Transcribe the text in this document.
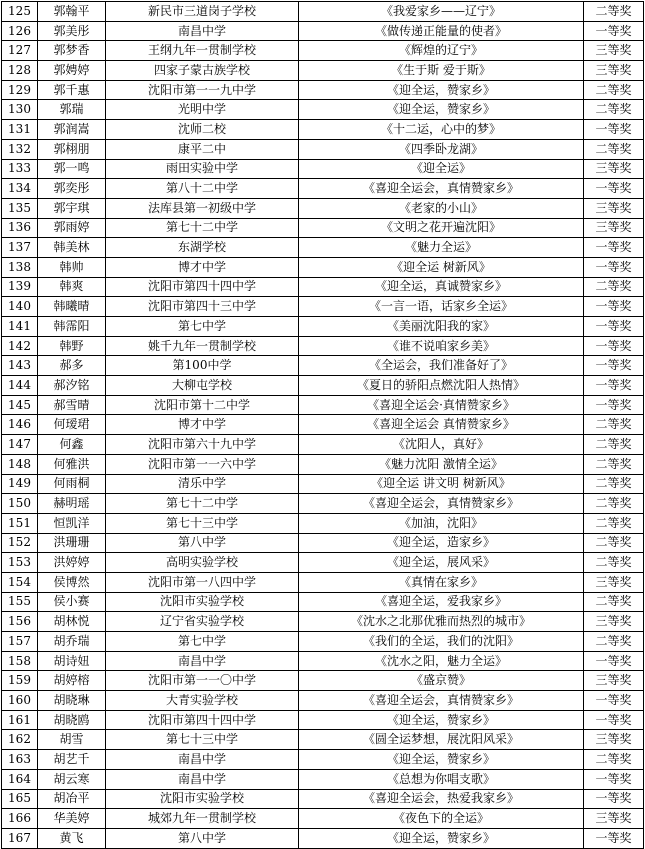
125	郭翰平	新民市三道岗子学校	《我爱家乡——辽宁》	二等奖
126	郭美彤	南昌中学	《做传递正能量的使者》	一等奖
127	郭梦香	王纲九年一贯制学校	《辉煌的辽宁》	三等奖
128	郭娉婷	四家子蒙古族学校	《生于斯 爱于斯》	三等奖
129	郭千惠	沈阳市第一一九中学	《迎全运，赞家乡》	二等奖
130	郭瑞	光明中学	《迎全运，赞家乡》	二等奖
131	郭润嵩	沈师二校	《十二运，心中的梦》	一等奖
132	郭栩朋	康平二中	《四季卧龙湖》	二等奖
133	郭一鸣	雨田实验中学	《迎全运》	三等奖
134	郭奕彤	第八十二中学	《喜迎全运会，真情赞家乡》	一等奖
135	郭宇琪	法库县第一初级中学	《老家的小山》	三等奖
136	郭雨婷	第七十二中学	《文明之花开遍沈阳》	三等奖
137	韩美林	东湖学校	《魅力全运》	一等奖
138	韩帅	博才中学	《迎全运 树新风》	一等奖
139	韩爽	沈阳市第四十四中学	《迎全运，真诚赞家乡》	二等奖
140	韩曦晴	沈阳市第四十三中学	《一言一语，话家乡全运》	一等奖
141	韩霈阳	第七中学	《美丽沈阳我的家》	一等奖
142	韩野	姚千九年一贯制学校	《谁不说咱家乡美》	一等奖
143	郝多	第100中学	《全运会，我们准备好了》	一等奖
144	郝汐铭	大柳屯学校	《夏日的骄阳点燃沈阳人热情》	一等奖
145	郝雪晴	沈阳市第十二中学	《喜迎全运会·真情赞家乡》	一等奖
146	何瑷珺	博才中学	《喜迎全运会 真情赞家乡》	二等奖
147	何鑫	沈阳市第六十九中学	《沈阳人，真好》	二等奖
148	何雅洪	沈阳市第一一六中学	《魅力沈阳 激情全运》	二等奖
149	何雨桐	清乐中学	《迎全运 讲文明 树新风》	二等奖
150	赫明瑶	第七十二中学	《喜迎全运会，真情赞家乡》	二等奖
151	恒凯洋	第七十三中学	《加油，沈阳》	二等奖
152	洪珊珊	第八中学	《迎全运，造家乡》	二等奖
153	洪婷婷	高明实验学校	《迎全运，展风采》	二等奖
154	侯博然	沈阳市第一八四中学	《真情在家乡》	三等奖
155	侯小赛	沈阳市实验学校	《喜迎全运，爱我家乡》	二等奖
156	胡林悦	辽宁省实验学校	《沈水之北那优雅而热烈的城市》	三等奖
157	胡乔瑞	第七中学	《我们的全运，我们的沈阳》	二等奖
158	胡诗妞	南昌中学	《沈水之阳，魅力全运》	一等奖
159	胡婷榕	沈阳市第一一〇中学	《盛京赞》	三等奖
160	胡晓琳	大青实验学校	《喜迎全运会，真情赞家乡》	一等奖
161	胡晓鸥	沈阳市第四十四中学	《迎全运，赞家乡》	一等奖
162	胡雪	第七十三中学	《圆全运梦想，展沈阳风采》	三等奖
163	胡艺千	南昌中学	《迎全运，赞家乡》	二等奖
164	胡云寒	南昌中学	《总想为你唱支歌》	一等奖
165	胡冶平	沈阳市实验学校	《喜迎全运会，热爱我家乡》	一等奖
166	华美婷	城郊九年一贯制学校	《夜色下的全运》	三等奖
167	黄飞	第八中学	《迎全运，赞家乡》	一等奖
